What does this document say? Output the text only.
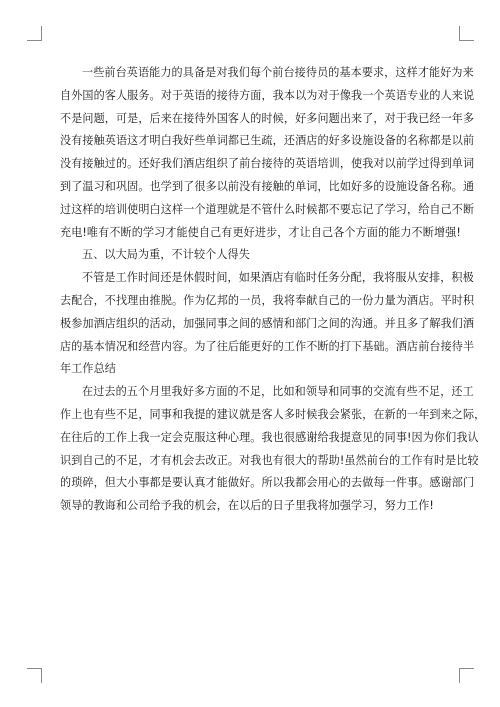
一些前台英语能力的具备是对我们每个前台接待员的基本要求，这样才能好为来
自外国的客人服务。对于英语的接待方面，我本以为对于像我一个英语专业的人来说
不是问题，可是，后来在接待外国客人的时候，好多问题出来了，对于我已经一年多
没有接触英语这才明白我好些单词都已生疏，还酒店的好多设施设备的名称都是以前
没有接触过的。还好我们酒店组织了前台接待的英语培训，使我对以前学过得到单词
到了温习和巩固。也学到了很多以前没有接触的单词，比如好多的设施设备名称。通
过这样的培训使明白这样一个道理就是不管什么时候都不要忘记了学习，给自己不断
充电!唯有不断的学习才能使自己有更好进步，才让自己各个方面的能力不断增强!
五、以大局为重，不计较个人得失
不管是工作时间还是休假时间，如果酒店有临时任务分配，我将服从安排，积极
去配合，不找理由推脱。作为亿邦的一员，我将奉献自己的一份力量为酒店。平时积
极参加酒店组织的活动，加强同事之间的感情和部门之间的沟通。并且多了解我们酒
店的基本情况和经营内容。为了往后能更好的工作不断的打下基础。酒店前台接待半
年工作总结
在过去的五个月里我好多方面的不足，比如和领导和同事的交流有些不足，还工
作上也有些不足，同事和我提的建议就是客人多时候我会紧张，在新的一年到来之际，
在往后的工作上我一定会克服这种心理。我也很感谢给我提意见的同事!因为你们我认
识到自己的不足，才有机会去改正。对我也有很大的帮助!虽然前台的工作有时是比较
的琐碎，但大小事都是要认真才能做好。所以我都会用心的去做每一件事。感谢部门
领导的教诲和公司给予我的机会，在以后的日子里我将加强学习，努力工作!
